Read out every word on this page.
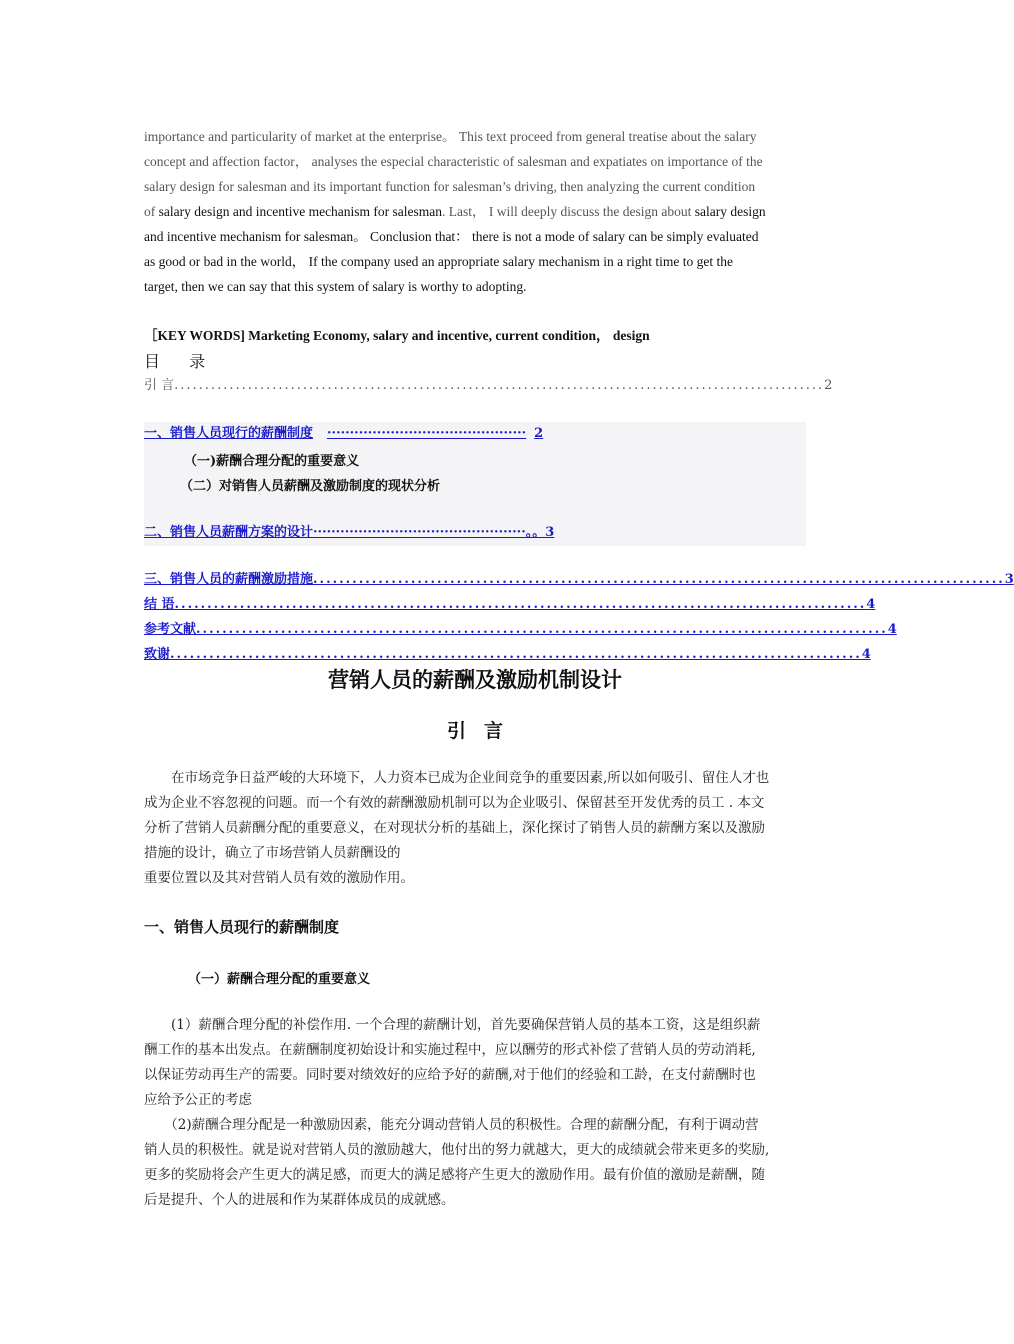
importance and particularity of market at the enterprise。 This text proceed from general treatise about the salary
concept and affection factor， analyses the especial characteristic of salesman and expatiates on importance of the
salary design for salesman and its important function for salesman’s driving, then analyzing the current condition
of salary design and incentive mechanism for salesman. Last， I will deeply discuss the design about salary design
and incentive mechanism for salesman。 Conclusion that： there is not a mode of salary can be simply evaluated
as good or bad in the world， If the company used an appropriate salary mechanism in a right time to get the
target, then we can say that this system of salary is worthy to adopting.
［KEY WORDS] Marketing Economy, salary and incentive, current condition， design
目 录
引 言 .......................................................................................................... 2
一、销售人员现行的薪酬制度 ············································ 2
（一)薪酬合理分配的重要意义
（二）对销售人员薪酬及激励制度的现状分析
二、销售人员薪酬方案的设计 ···············································。。 3
三、销售人员的薪酬激励措施 .......................................................................................................... 3
结 语 .......................................................................................................... 4
参考文献 .......................................................................................................... 4
致谢 .......................................................................................................... 4
营销人员的薪酬及激励机制设计
引言
　　在市场竞争日益严峻的大环境下，人力资本已成为企业间竞争的重要因素,所以如何吸引、留住人才也
成为企业不容忽视的问题。而一个有效的薪酬激励机制可以为企业吸引、保留甚至开发优秀的员工 . 本文
分析了营销人员薪酬分配的重要意义，在对现状分析的基础上，深化探讨了销售人员的薪酬方案以及激励
措施的设计，确立了市场营销人员薪酬设的
重要位置以及其对营销人员有效的激励作用。
一、销售人员现行的薪酬制度
（一）薪酬合理分配的重要意义
　　(1）薪酬合理分配的补偿作用. 一个合理的薪酬计划，首先要确保营销人员的基本工资，这是组织薪
酬工作的基本出发点。在薪酬制度初始设计和实施过程中，应以酬劳的形式补偿了营销人员的劳动消耗,
以保证劳动再生产的需要。同时要对绩效好的应给予好的薪酬,对于他们的经验和工龄，在支付薪酬时也
应给予公正的考虑
　　（2)薪酬合理分配是一种激励因素，能充分调动营销人员的积极性。合理的薪酬分配，有利于调动营
销人员的积极性。就是说对营销人员的激励越大，他付出的努力就越大，更大的成绩就会带来更多的奖励,
更多的奖励将会产生更大的满足感，而更大的满足感将产生更大的激励作用。最有价值的激励是薪酬，随
后是提升、个人的进展和作为某群体成员的成就感。
